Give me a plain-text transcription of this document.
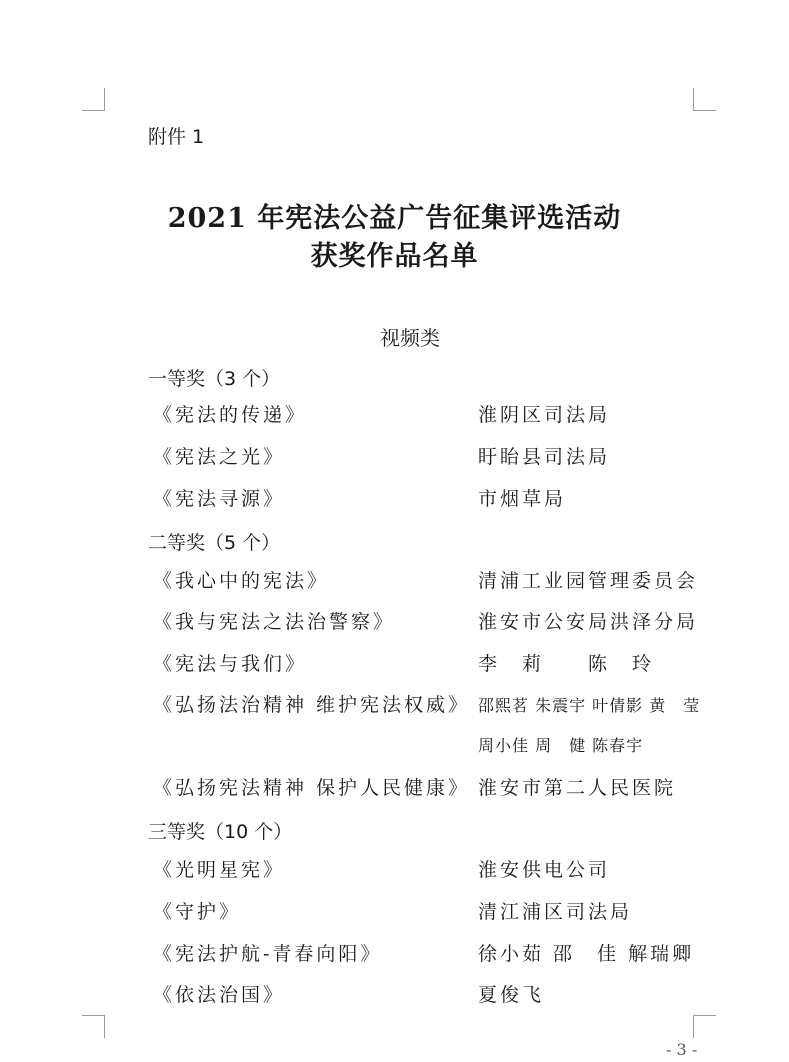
附件 1
2021 年宪法公益广告征集评选活动
获奖作品名单
视频类
一等奖（3 个）
《宪法的传递》	淮阴区司法局
《宪法之光》	盱眙县司法局
《宪法寻源》	市烟草局
二等奖（5 个）
《我心中的宪法》	清浦工业园管理委员会
《我与宪法之法治警察》	淮安市公安局洪泽分局
《宪法与我们》	李　莉　　陈　玲
《弘扬法治精神 维护宪法权威》 邵熙茗 朱震宇 叶倩影 黄　莹
周小佳 周　健 陈春宇
《弘扬宪法精神 保护人民健康》 淮安市第二人民医院
三等奖（10 个）
《光明星宪》	淮安供电公司
《守护》	清江浦区司法局
《宪法护航-青春向阳》	徐小茹 邵　佳 解瑞卿
《依法治国》	夏俊飞
- 3 -
